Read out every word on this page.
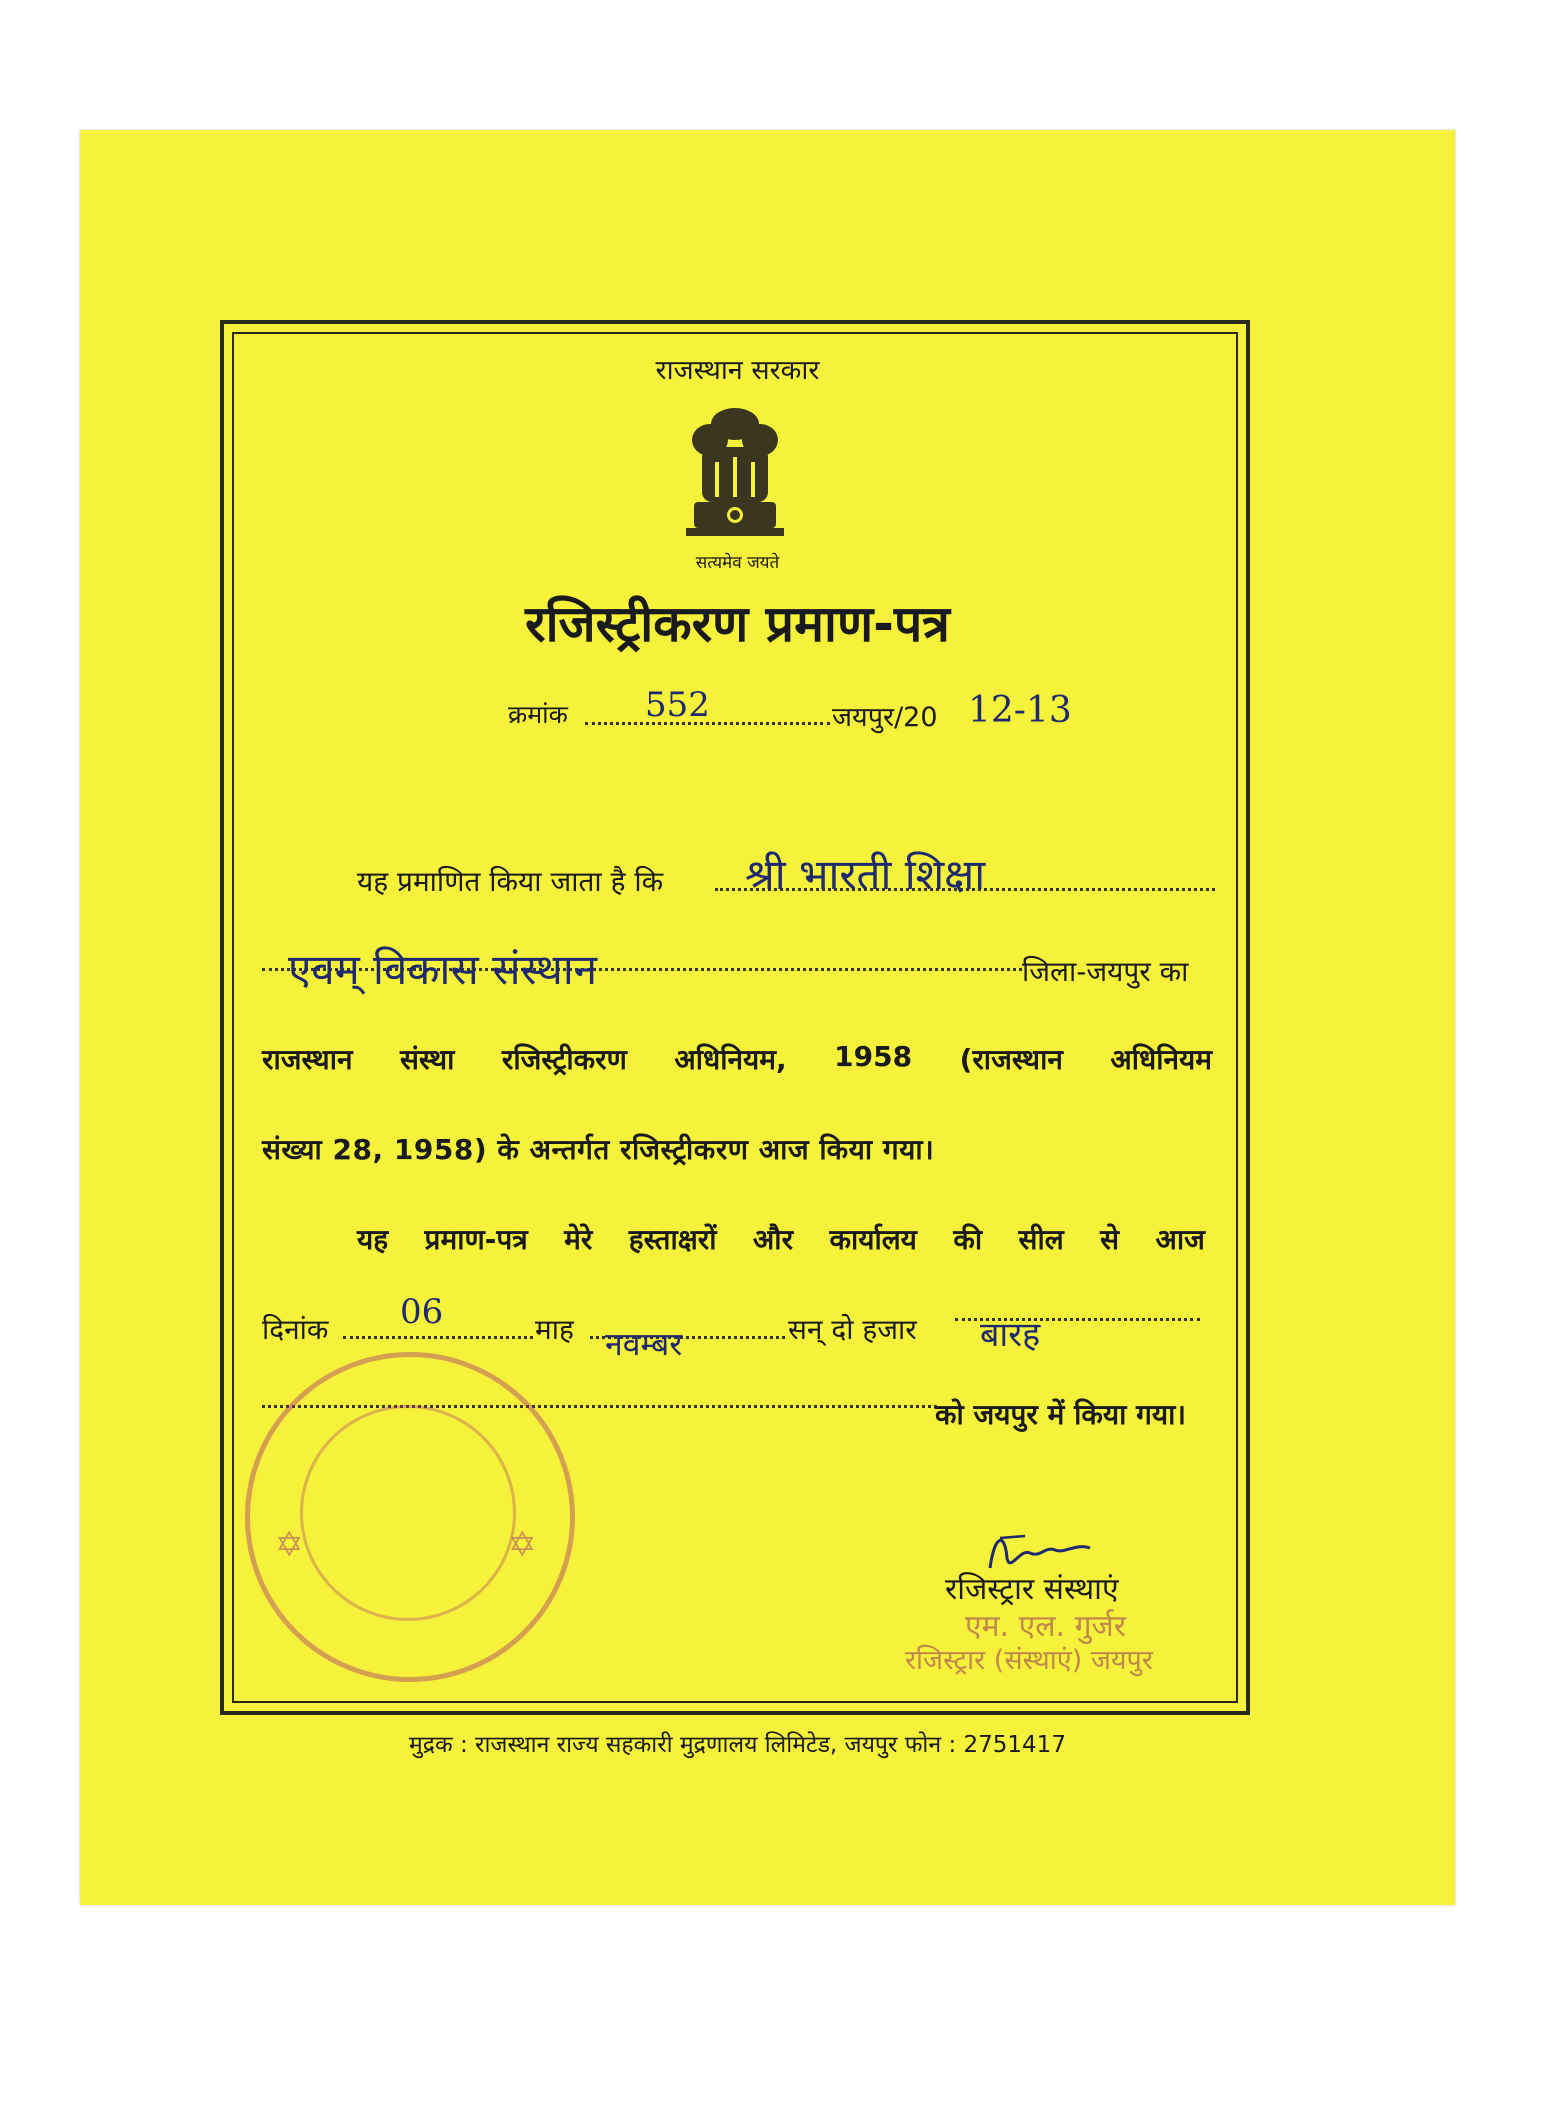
राजस्थान सरकार
सत्यमेव जयते
रजिस्ट्रीकरण प्रमाण-पत्र
क्रमांक 552	जयपुर/20 12-13
यह प्रमाणित किया जाता है कि श्री भारती शिक्षा
एवम् विकास संस्थान	जिला-जयपुर का
राजस्थान संस्था रजिस्ट्रीकरण अधिनियम, 1958 (राजस्थान अधिनियम
संख्या 28, 1958) के अन्तर्गत रजिस्ट्रीकरण आज किया गया।
यह प्रमाण-पत्र मेरे हस्ताक्षरों और कार्यालय की सील से आज
दिनांक 06	माह नवम्बर	सन् दो हजार बारह
को जयपुर में किया गया।
✡	✡
रजिस्ट्रार संस्थाएं
एम. एल. गुर्जर
रजिस्ट्रार (संस्थाएं) जयपुर
मुद्रक : राजस्थान राज्य सहकारी मुद्रणालय लिमिटेड, जयपुर फोन : 2751417
